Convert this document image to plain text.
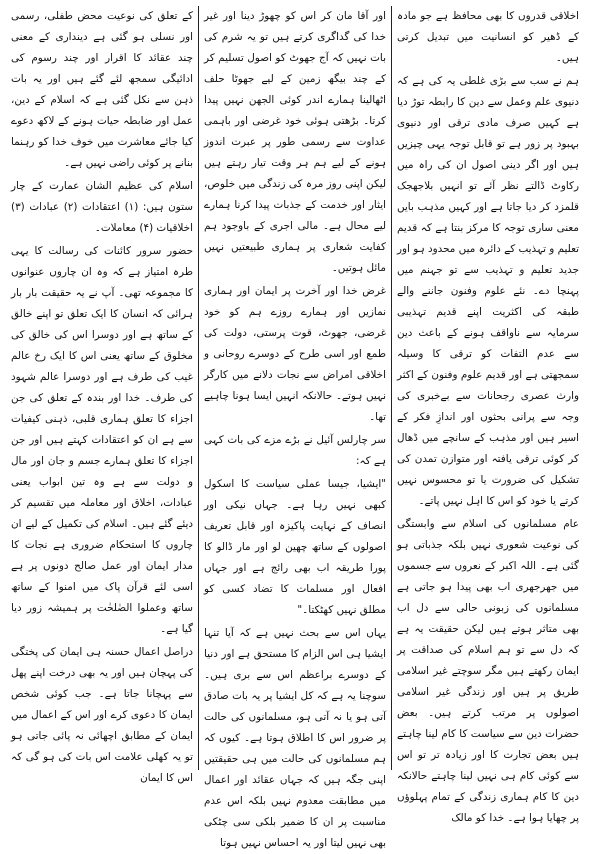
اخلاقی قدروں کا بھی محافظ ہے جو مادہ کے ڈھیر کو انسانیت میں تبدیل کرتی ہیں۔

ہم نے سب سے بڑی غلطی یہ کی ہے کہ دنیوی علم وعمل سے دین کا رابطہ توڑ دیا ہے کہیں صرف مادی ترقی اور دنیوی بہبود پر زور ہے تو قابل توجہ یہی چیزیں ہیں اور اگر دینی اصول ان کی راہ میں رکاوٹ ڈالتے نظر آئے تو انہیں بلاجھجک قلمزد کر دیا جاتا ہے اور کہیں مذہب بایں معنی ساری توجہ کا مرکز بنتا ہے کہ قدیم تعلیم و تہذیب کے دائرہ میں محدود ہو اور جدید تعلیم و تہذیب سے تو جہنم میں پہنچا دے۔ نئے علوم وفنون جاننے والے طبقہ کی اکثریت اپنے قدیم تہذیبی سرمایہ سے ناواقف ہونے کے باعث دین سے عدم التفات کو ترقی کا وسیلہ سمجھتی ہے اور قدیم علوم وفنون کے اکثر وارث عصری رجحانات سے بےخبری کی وجہ سے پرانی بحثوں اور اندازِ فکر کے اسیر ہیں اور مذہب کے سانچے میں ڈھال کر کوئی ترقی یافتہ اور متوازن تمدن کی تشکیل کی ضرورت یا تو محسوس نہیں کرتے یا خود کو اس کا اہل نہیں پاتے۔

عام مسلمانوں کی اسلام سے وابستگی کی نوعیت شعوری نہیں بلکہ جذباتی ہو گئی ہے۔ اللہ اکبر کے نعروں سے جسموں میں جھرجھری اب بھی پیدا ہو جاتی ہے مسلمانوں کی زبونی حالی سے دل اب بھی متاثر ہوتے ہیں لیکن حقیقت یہ ہے کہ دل سے تو ہم اسلام کی صداقت پر ایمان رکھتے ہیں مگر سوچتے غیر اسلامی طریق پر ہیں اور زندگی غیر اسلامی اصولوں پر مرتب کرتے ہیں۔ بعض حضرات دین سے سیاست کا کام لینا چاہتے ہیں بعض تجارت کا اور زیادہ تر تو اس سے کوئی کام ہی نہیں لینا چاہتے حالانکہ دین کا کام ہماری زندگی کے تمام پہلوؤں پر چھایا ہوا ہے۔ خدا کو مالک

اور آقا مان کر اس کو چھوڑ دینا اور غیر خدا کی گداگری کرتے ہیں تو یہ شرم کی بات نہیں کہ آج جھوٹ کو اصول تسلیم کر کے چند بیگھ زمین کے لیے جھوٹا حلف اٹھالینا ہمارے اندر کوئی الجھن نہیں پیدا کرتا۔ بڑھتی ہوئی خود غرضی اور باہمی عداوت سے رسمی طور پر عبرت اندوز ہونے کے لیے ہم ہر وقت تیار رہتے ہیں لیکن اپنی روز مرہ کی زندگی میں خلوص، ایثار اور خدمت کے جذبات پیدا کرنا ہمارے لیے محال ہے۔ مالی اجری کے باوجود ہم کفایت شعاری پر ہماری طبیعتیں نہیں مائل ہوتیں۔

غرض خدا اور آخرت پر ایمان اور ہماری نمازیں اور ہمارے روزے ہم کو خود غرضی، جھوٹ، قوت پرستی، دولت کی طمع اور اسی طرح کے دوسرے روحانی و اخلاقی امراض سے نجات دلانے میں کارگر نہیں ہوتے۔ حالانکہ انہیں ایسا ہونا چاہیے تھا۔

سر چارلس آئیل نے بڑے مزے کی بات کہی ہے کہ:

"ایشیا، جیسا عملی سیاست کا اسکول کبھی نہیں رہا ہے۔ جہاں نیکی اور انصاف کے نہایت پاکیزہ اور قابل تعریف اصولوں کے ساتھ چھین لو اور مار ڈالو کا پورا طریقہ اب بھی رائج ہے اور جہاں افعال اور مسلمات کا تضاد کسی کو مطلق نہیں کھٹکتا۔"

یہاں اس سے بحث نہیں ہے کہ آیا تنہا ایشیا ہی اس الزام کا مستحق ہے اور دنیا کے دوسرے براعظم اس سے بری ہیں۔ سوچنا یہ ہے کہ کل ایشیا پر یہ بات صادق آتی ہو یا نہ آتی ہو، مسلمانوں کی حالت پر ضرور اس کا اطلاق ہوتا ہے۔ کیوں کہ ہم مسلمانوں کی حالت میں ہی حقیقتیں اپنی جگہ ہیں کہ جہاں عقائد اور اعمال میں مطابقت معدوم نہیں بلکہ اس عدم مناسبت پر ان کا ضمیر بلکی سی چٹکی بھی نہیں لیتا اور یہ احساس نہیں ہوتا

کے تعلق کی نوعیت محض طفلی، رسمی اور نسلی ہو گئی ہے دینداری کے معنی چند عقائد کا اقرار اور چند رسوم کی ادائیگی سمجھ لئے گئے ہیں اور یہ بات ذہن سے نکل گئی ہے کہ اسلام کے دین، عمل اور ضابطہ حیات ہونے کے لاکھ دعوے کیا جائے معاشرت میں خوف خدا کو رہنما بنانے پر کوئی راضی نہیں ہے۔

اسلام کی عظیم الشان عمارت کے چار ستون ہیں: (۱) اعتقادات (۲) عبادات (۳) اخلاقیات (۴) معاملات۔

حضور سرور کائنات کی رسالت کا یہی طرہ امتیاز ہے کہ وہ ان چاروں عنوانوں کا مجموعہ تھی۔ آپ نے یہ حقیقت بار بار ہرائی کہ انسان کا ایک تعلق تو اپنے خالق کے ساتھ ہے اور دوسرا اس کی خالق کی مخلوق کے ساتھ یعنی اس کا ایک رخ عالم غیب کی طرف ہے اور دوسرا عالم شہود کی طرف۔ خدا اور بندہ کے تعلق کی جن اجزاء کا تعلق ہماری قلبی، ذہنی کیفیات سے ہے ان کو اعتقادات کہتے ہیں اور جن اجزاء کا تعلق ہمارے جسم و جان اور مال و دولت سے ہے وہ تین ابواب یعنی عبادات، اخلاق اور معاملہ میں تقسیم کر دیئے گئے ہیں۔ اسلام کی تکمیل کے لیے ان چاروں کا استحکام ضروری ہے نجات کا مدار ایمان اور عمل صالح دونوں پر ہے اسی لئے قرآن پاک میں امنوا کے ساتھ ساتھ وعملوا الصٰلحٰت پر ہمیشہ زور دیا گیا ہے۔

دراصل اعمال حسنہ ہی ایمان کی پختگی کی پہچان ہیں اور یہ بھی درخت اپنے پھل سے پہچانا جاتا ہے۔ جب کوئی شخص ایمان کا دعوی کرے اور اس کے اعمال میں ایمان کے مطابق اچھائی نہ پائی جاتی ہو تو یہ کھلی علامت اس بات کی ہو گی کہ اس کا ایمان
